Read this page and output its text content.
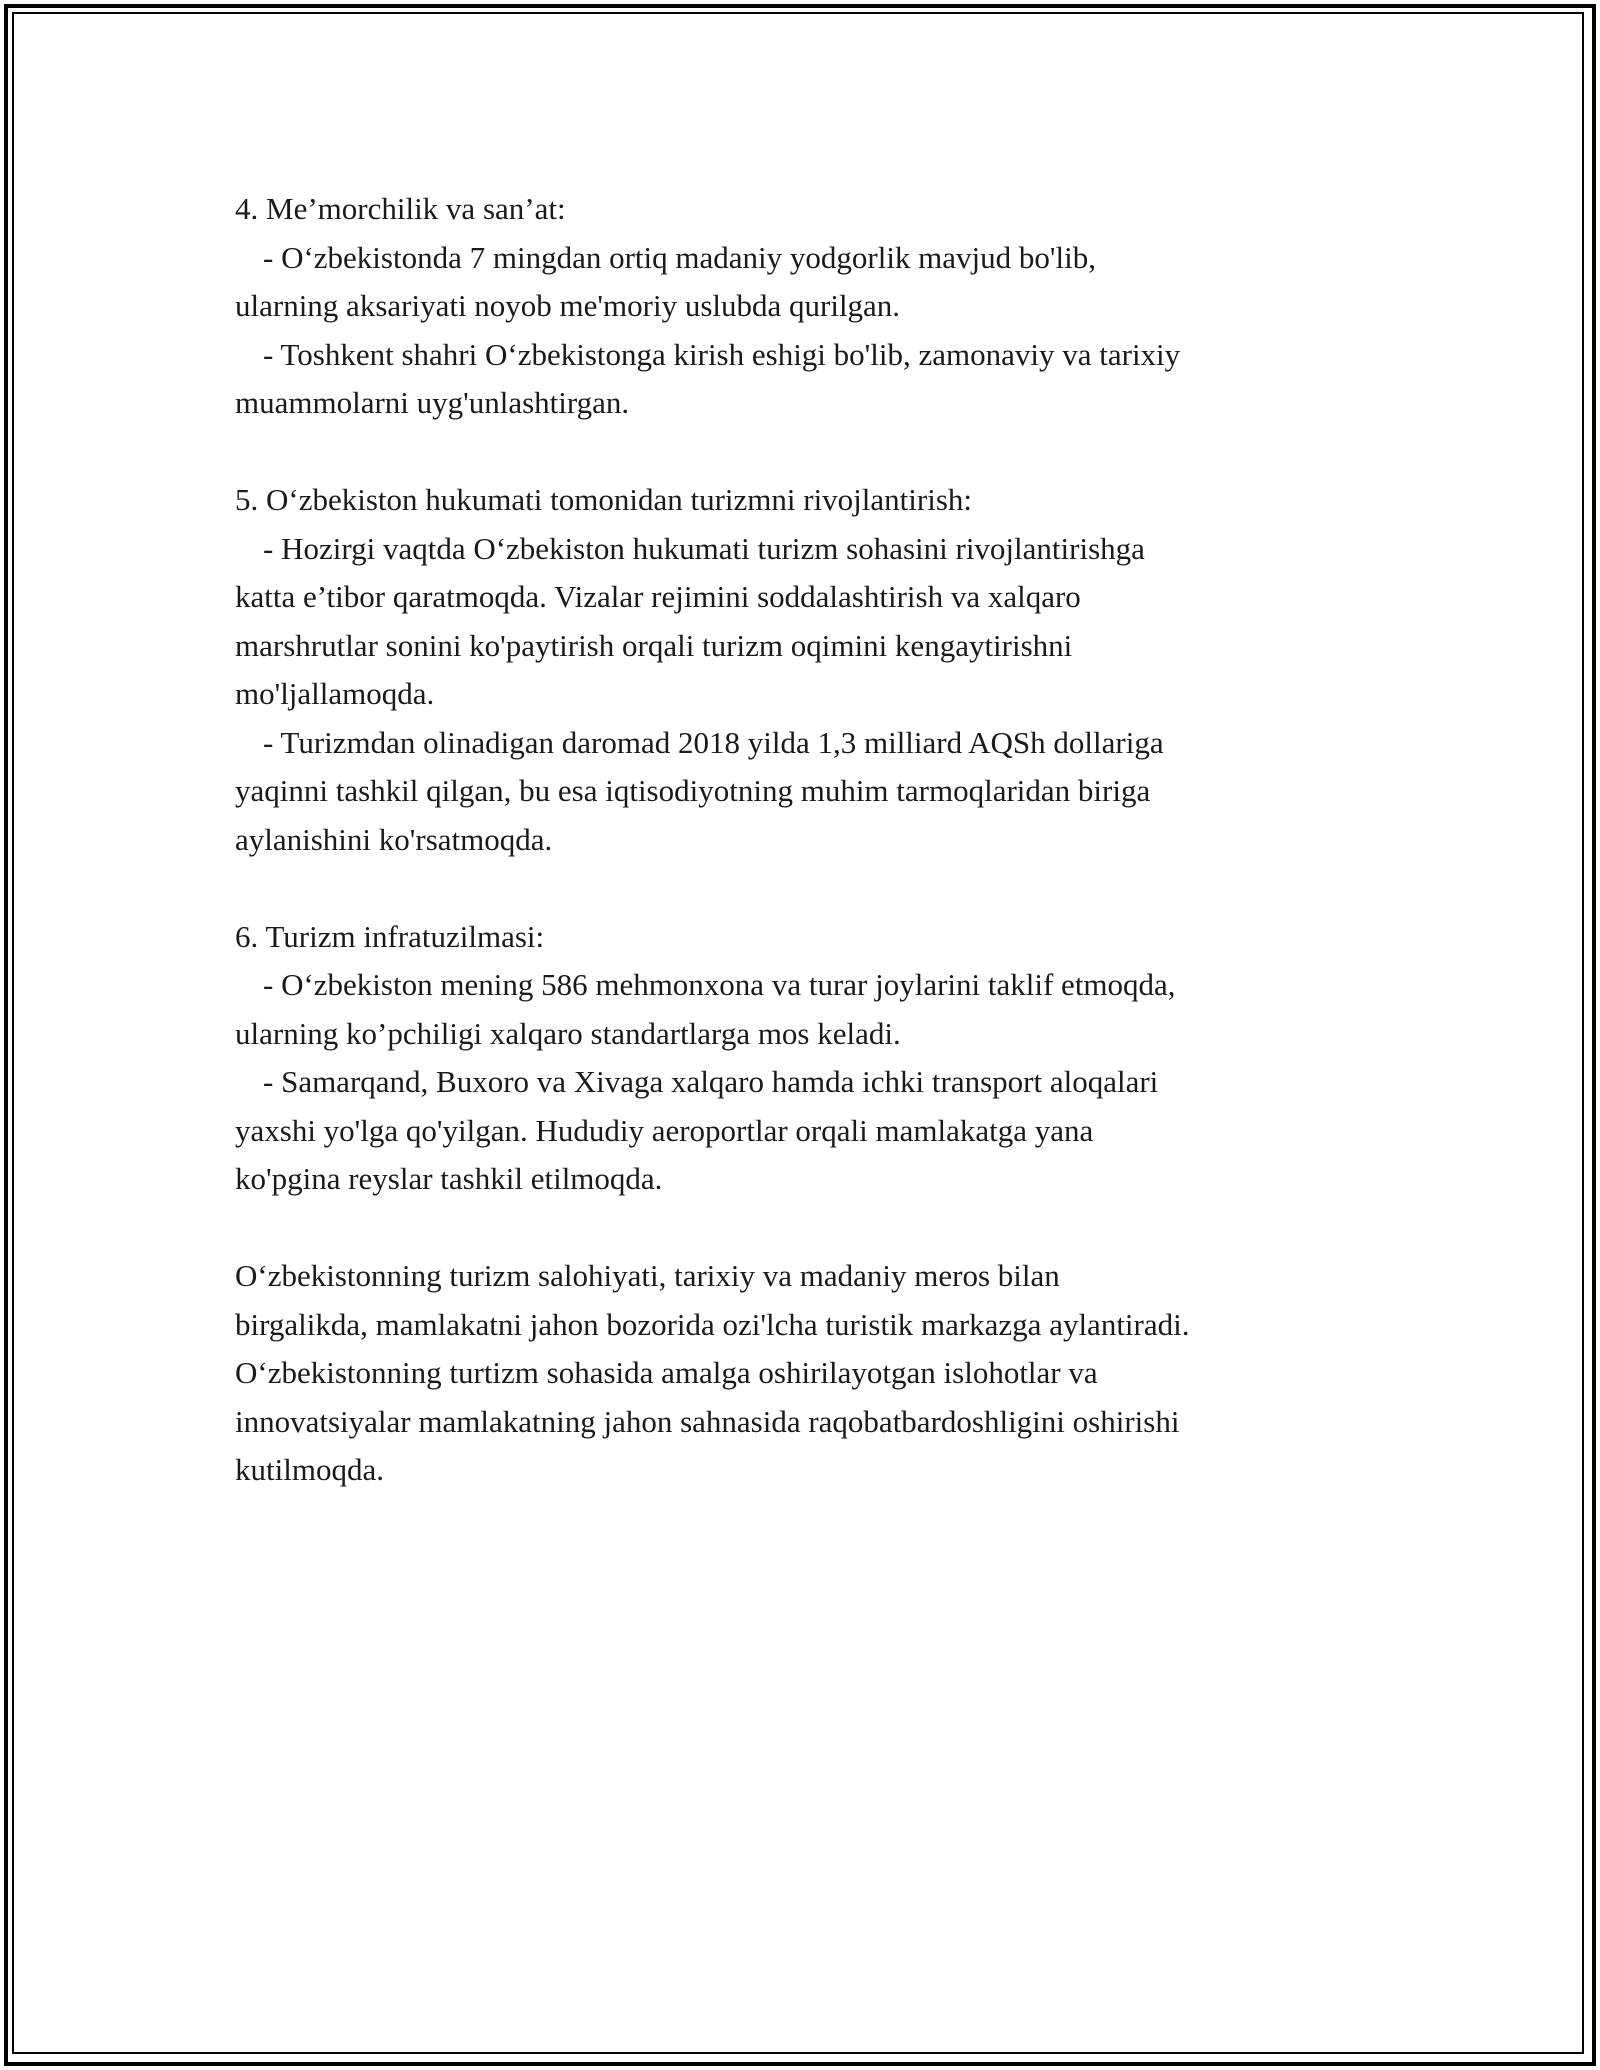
4. Me’morchilik va san’at:
- O‘zbekistonda 7 mingdan ortiq madaniy yodgorlik mavjud bo'lib,
ularning aksariyati noyob me'moriy uslubda qurilgan.
- Toshkent shahri O‘zbekistonga kirish eshigi bo'lib, zamonaviy va tarixiy
muammolarni uyg'unlashtirgan.
5. O‘zbekiston hukumati tomonidan turizmni rivojlantirish:
- Hozirgi vaqtda O‘zbekiston hukumati turizm sohasini rivojlantirishga
katta e’tibor qaratmoqda. Vizalar rejimini soddalashtirish va xalqaro
marshrutlar sonini ko'paytirish orqali turizm oqimini kengaytirishni
mo'ljallamoqda.
- Turizmdan olinadigan daromad 2018 yilda 1,3 milliard AQSh dollariga
yaqinni tashkil qilgan, bu esa iqtisodiyotning muhim tarmoqlaridan biriga
aylanishini ko'rsatmoqda.
6. Turizm infratuzilmasi:
- O‘zbekiston mening 586 mehmonxona va turar joylarini taklif etmoqda,
ularning ko’pchiligi xalqaro standartlarga mos keladi.
- Samarqand, Buxoro va Xivaga xalqaro hamda ichki transport aloqalari
yaxshi yo'lga qo'yilgan. Hududiy aeroportlar orqali mamlakatga yana
ko'pgina reyslar tashkil etilmoqda.
O‘zbekistonning turizm salohiyati, tarixiy va madaniy meros bilan
birgalikda, mamlakatni jahon bozorida ozi'lcha turistik markazga aylantiradi.
O‘zbekistonning turtizm sohasida amalga oshirilayotgan islohotlar va
innovatsiyalar mamlakatning jahon sahnasida raqobatbardoshligini oshirishi
kutilmoqda.
